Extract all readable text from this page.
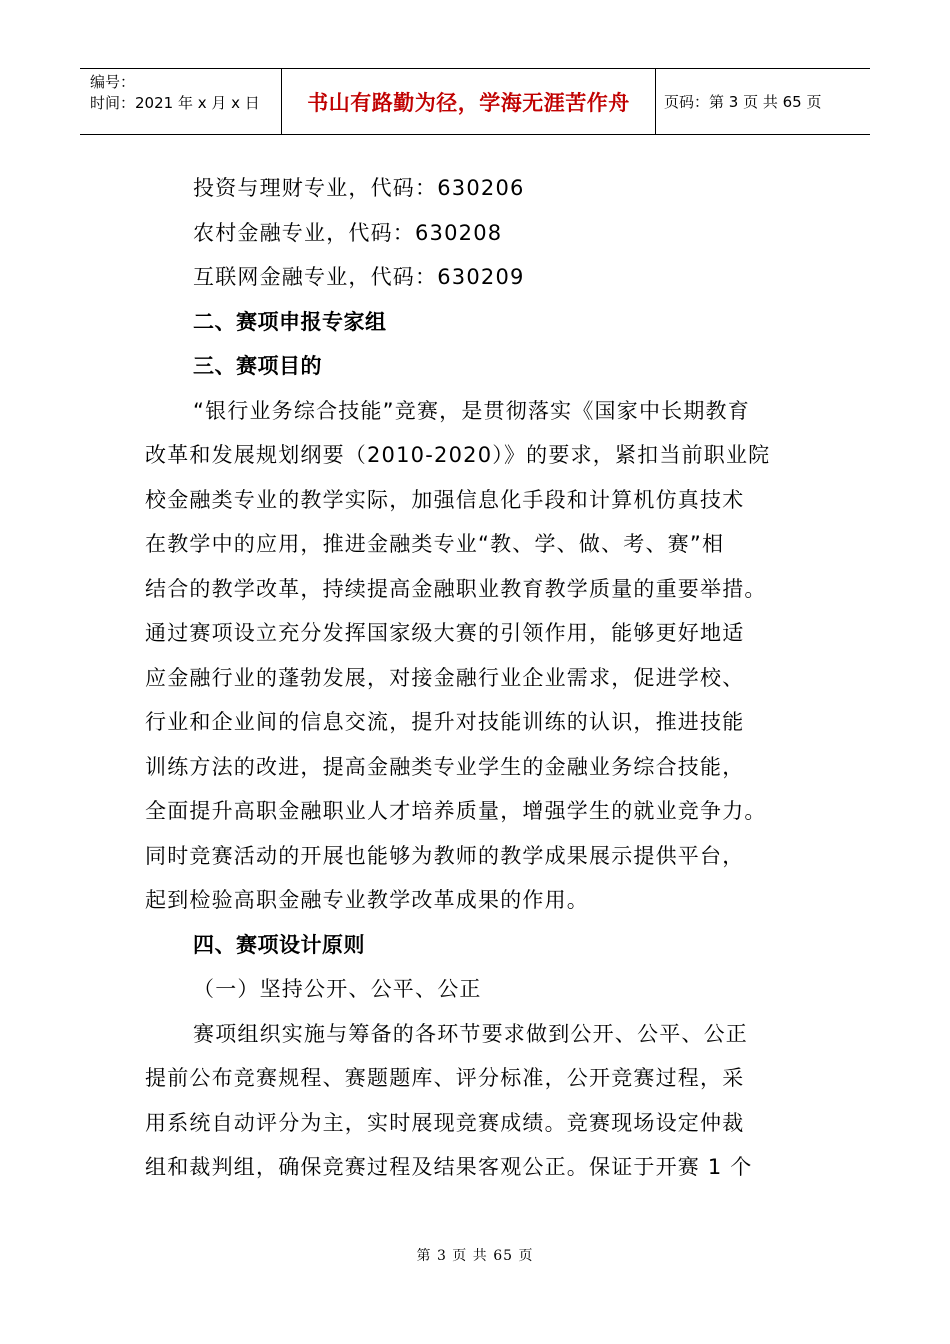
编号：
时间：2021 年 x 月 x 日	书山有路勤为径，学海无涯苦作舟	页码：第 3 页 共 65 页
投资与理财专业，代码：630206
农村金融专业，代码：630208
互联网金融专业，代码：630209
二、赛项申报专家组
三、赛项目的
“银行业务综合技能”竞赛，是贯彻落实《国家中长期教育
改革和发展规划纲要（2010-2020）》的要求，紧扣当前职业院
校金融类专业的教学实际，加强信息化手段和计算机仿真技术
在教学中的应用，推进金融类专业“教、学、做、考、赛”相
结合的教学改革，持续提高金融职业教育教学质量的重要举措。
通过赛项设立充分发挥国家级大赛的引领作用，能够更好地适
应金融行业的蓬勃发展，对接金融行业企业需求，促进学校、
行业和企业间的信息交流，提升对技能训练的认识，推进技能
训练方法的改进，提高金融类专业学生的金融业务综合技能，
全面提升高职金融职业人才培养质量，增强学生的就业竞争力。
同时竞赛活动的开展也能够为教师的教学成果展示提供平台，
起到检验高职金融专业教学改革成果的作用。
四、赛项设计原则
（一）坚持公开、公平、公正
赛项组织实施与筹备的各环节要求做到公开、公平、公正
提前公布竞赛规程、赛题题库、评分标准，公开竞赛过程，采
用系统自动评分为主，实时展现竞赛成绩。竞赛现场设定仲裁
组和裁判组，确保竞赛过程及结果客观公正。保证于开赛 1 个
第 3 页 共 65 页
